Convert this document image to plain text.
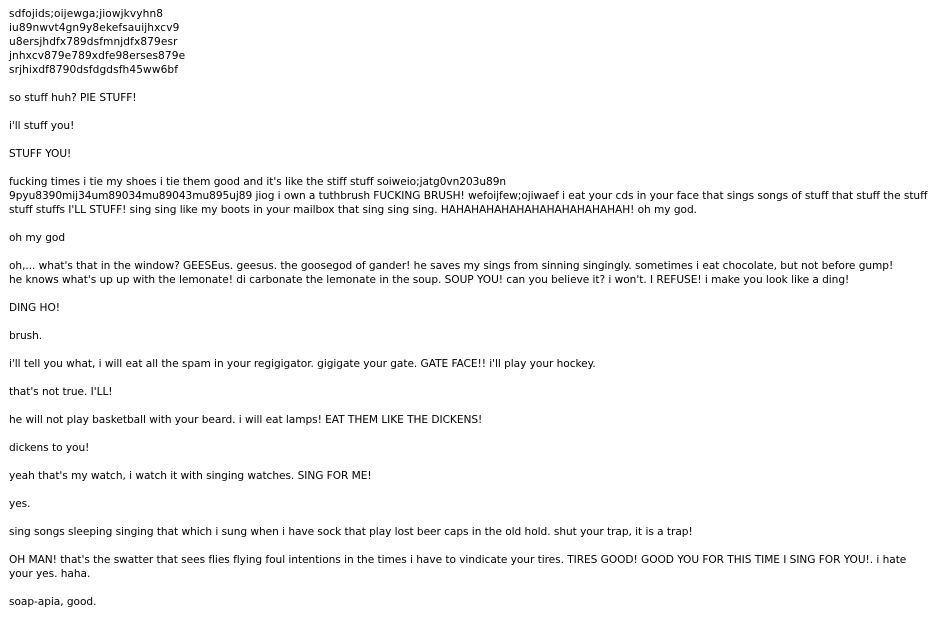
sdfojids;oijewga;jiowjkvyhn8
iu89nwvt4gn9y8ekefsauijhxcv9
u8ersjhdfx789dsfmnjdfx879esr
jnhxcv879e789xdfe98erses879e
srjhixdf8790dsfdgdsfh45ww6bf

so stuff huh? PIE STUFF!

i'll stuff you!

STUFF YOU!

fucking times i tie my shoes i tie them good and it's like the stiff stuff soiweio;jatg0vn203u89n
9pyu8390mij34um89034mu89043mu895uj89 jiog i own a tuthbrush FUCKING BRUSH! wefoijfew;ojiwaef i eat your cds in your face that sings songs of stuff that stuff the stuff
stuff stuffs I'LL STUFF! sing sing like my boots in your mailbox that sing sing sing. HAHAHAHAHAHAHAHAHAHAHAHAH! oh my god.

oh my god

oh,... what's that in the window? GEESEus. geesus. the goosegod of gander! he saves my sings from sinning singingly. sometimes i eat chocolate, but not before gump!
he knows what's up up with the lemonate! di carbonate the lemonate in the soup. SOUP YOU! can you believe it? i won't. I REFUSE! i make you look like a ding!

DING HO!

brush.

i'll tell you what, i will eat all the spam in your regigigator. gigigate your gate. GATE FACE!! i'll play your hockey.

that's not true. I'LL!

he will not play basketball with your beard. i will eat lamps! EAT THEM LIKE THE DICKENS!

dickens to you!

yeah that's my watch, i watch it with singing watches. SING FOR ME!

yes.

sing songs sleeping singing that which i sung when i have sock that play lost beer caps in the old hold. shut your trap, it is a trap!

OH MAN! that's the swatter that sees flies flying foul intentions in the times i have to vindicate your tires. TIRES GOOD! GOOD YOU FOR THIS TIME I SING FOR YOU!. i hate
your yes. haha.

soap-apia, good.
